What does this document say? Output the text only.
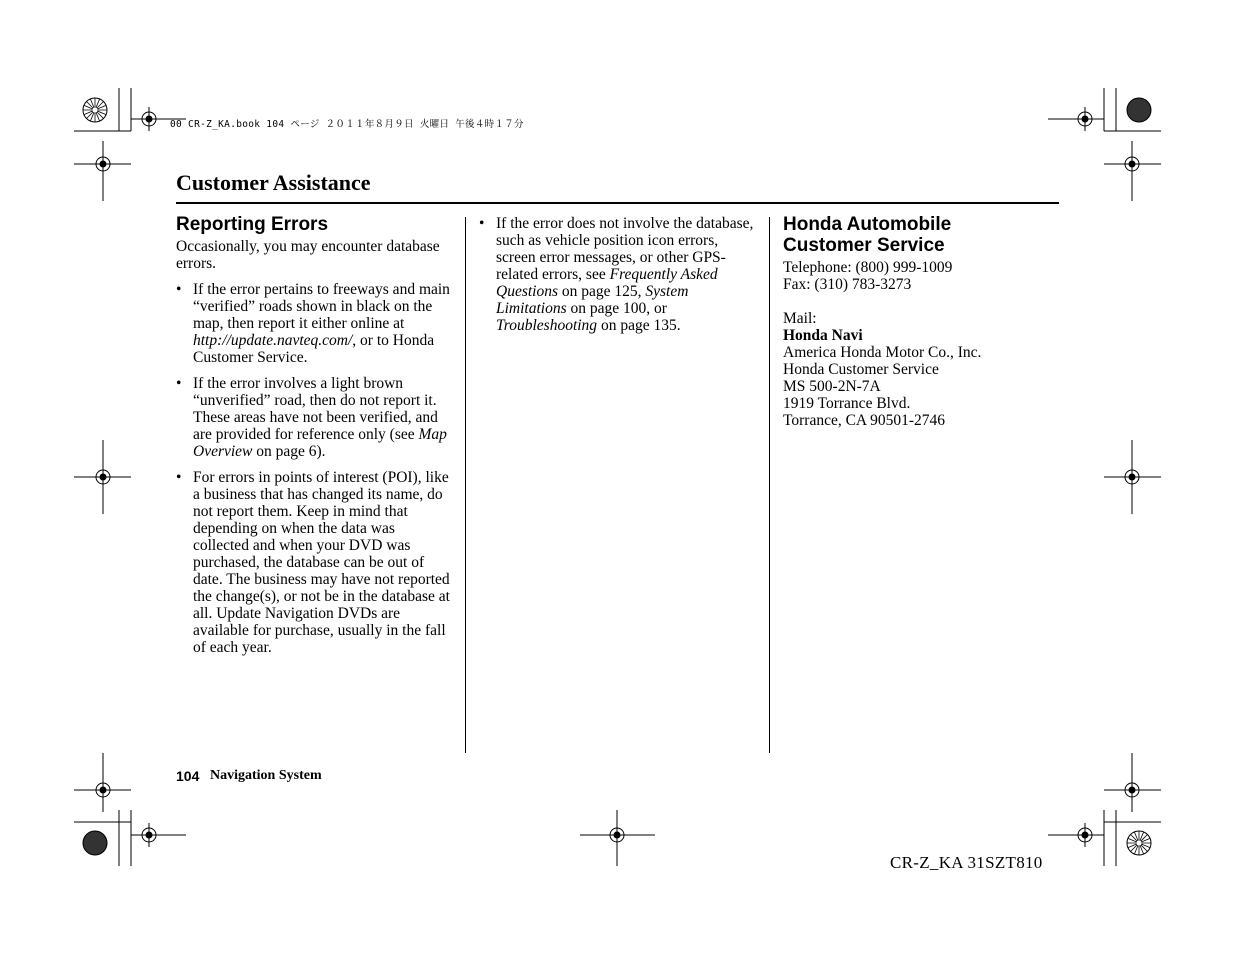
00 CR-Z_KA.book 104 ページ ２０１１年８月９日 火曜日 午後４時１７分
Customer Assistance
Reporting Errors

Occasionally, you may encounter database errors.

• If the error pertains to freeways and main “verified” roads shown in black on the map, then report it either online at http://update.navteq.com/, or to Honda Customer Service.
• If the error involves a light brown “unverified” road, then do not report it. These areas have not been verified, and are provided for reference only (see Map Overview on page 6).
• For errors in points of interest (POI), like a business that has changed its name, do not report them. Keep in mind that depending on when the data was collected and when your DVD was purchased, the database can be out of date. The business may have not reported the change(s), or not be in the database at all. Update Navigation DVDs are available for purchase, usually in the fall of each year.
• If the error does not involve the database, such as vehicle position icon errors, screen error messages, or other GPS-related errors, see Frequently Asked Questions on page 125, System Limitations on page 100, or Troubleshooting on page 135.
Honda Automobile
Customer Service

Telephone: (800) 999-1009

Fax: (310) 783-3273

Mail:

Honda Navi

America Honda Motor Co., Inc.

Honda Customer Service

MS 500-2N-7A

1919 Torrance Blvd.

Torrance, CA 90501-2746

104 Navigation System
CR-Z_KA 31SZT810
